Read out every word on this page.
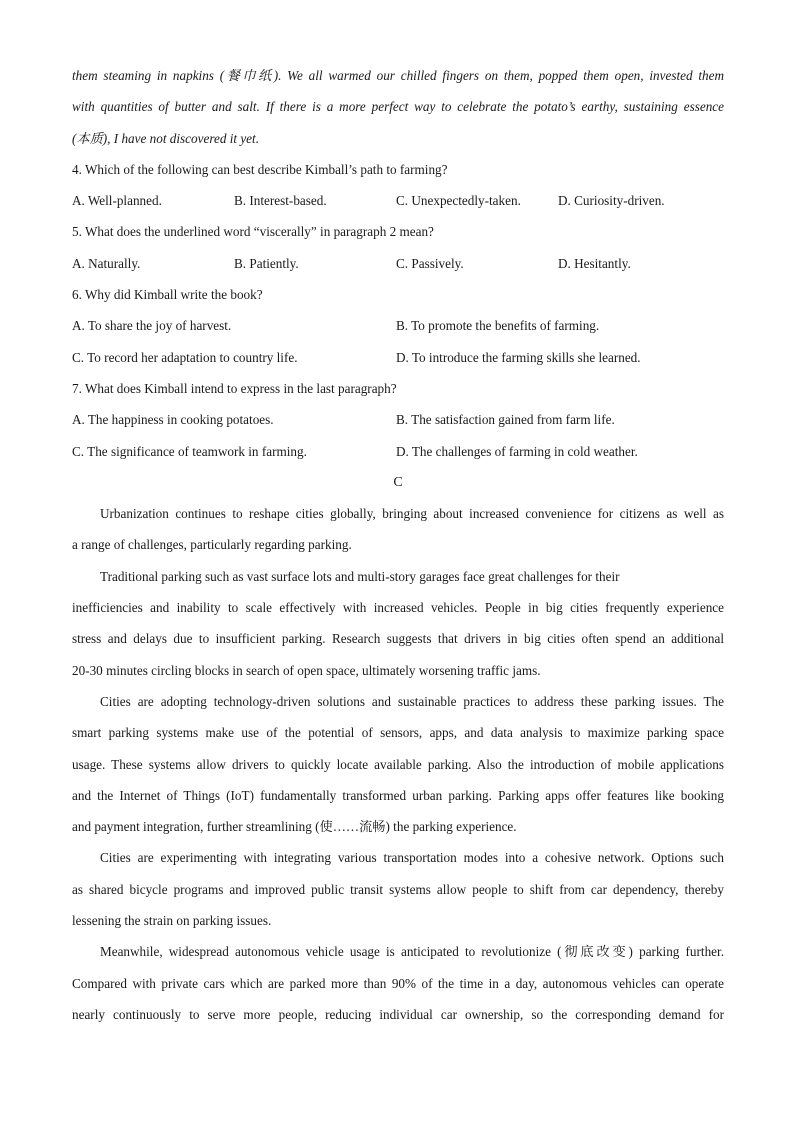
them steaming in napkins (餐巾纸). We all warmed our chilled fingers on them, popped them open, invested them
with quantities of butter and salt. If there is a more perfect way to celebrate the potato’s earthy, sustaining essence
(本质), I have not discovered it yet.
4. Which of the following can best describe Kimball’s path to farming?
A. Well-planned.	B. Interest-based.	C. Unexpectedly-taken.	D. Curiosity-driven.
5. What does the underlined word “viscerally” in paragraph 2 mean?
A. Naturally.	B. Patiently.	C. Passively.	D. Hesitantly.
6. Why did Kimball write the book?
A. To share the joy of harvest.	B. To promote the benefits of farming.
C. To record her adaptation to country life.	D. To introduce the farming skills she learned.
7. What does Kimball intend to express in the last paragraph?
A. The happiness in cooking potatoes.	B. The satisfaction gained from farm life.
C. The significance of teamwork in farming.	D. The challenges of farming in cold weather.
C
Urbanization continues to reshape cities globally, bringing about increased convenience for citizens as well as
a range of challenges, particularly regarding parking.
Traditional parking such as vast surface lots and multi-story garages face great challenges for their
inefficiencies and inability to scale effectively with increased vehicles. People in big cities frequently experience
stress and delays due to insufficient parking. Research suggests that drivers in big cities often spend an additional
20-30 minutes circling blocks in search of open space, ultimately worsening traffic jams.
Cities are adopting technology-driven solutions and sustainable practices to address these parking issues. The
smart parking systems make use of the potential of sensors, apps, and data analysis to maximize parking space
usage. These systems allow drivers to quickly locate available parking. Also the introduction of mobile applications
and the Internet of Things (IoT) fundamentally transformed urban parking. Parking apps offer features like booking
and payment integration, further streamlining (使……流畅) the parking experience.
Cities are experimenting with integrating various transportation modes into a cohesive network. Options such
as shared bicycle programs and improved public transit systems allow people to shift from car dependency, thereby
lessening the strain on parking issues.
Meanwhile, widespread autonomous vehicle usage is anticipated to revolutionize (彻底改变) parking further.
Compared with private cars which are parked more than 90% of the time in a day, autonomous vehicles can operate
nearly continuously to serve more people, reducing individual car ownership, so the corresponding demand for
